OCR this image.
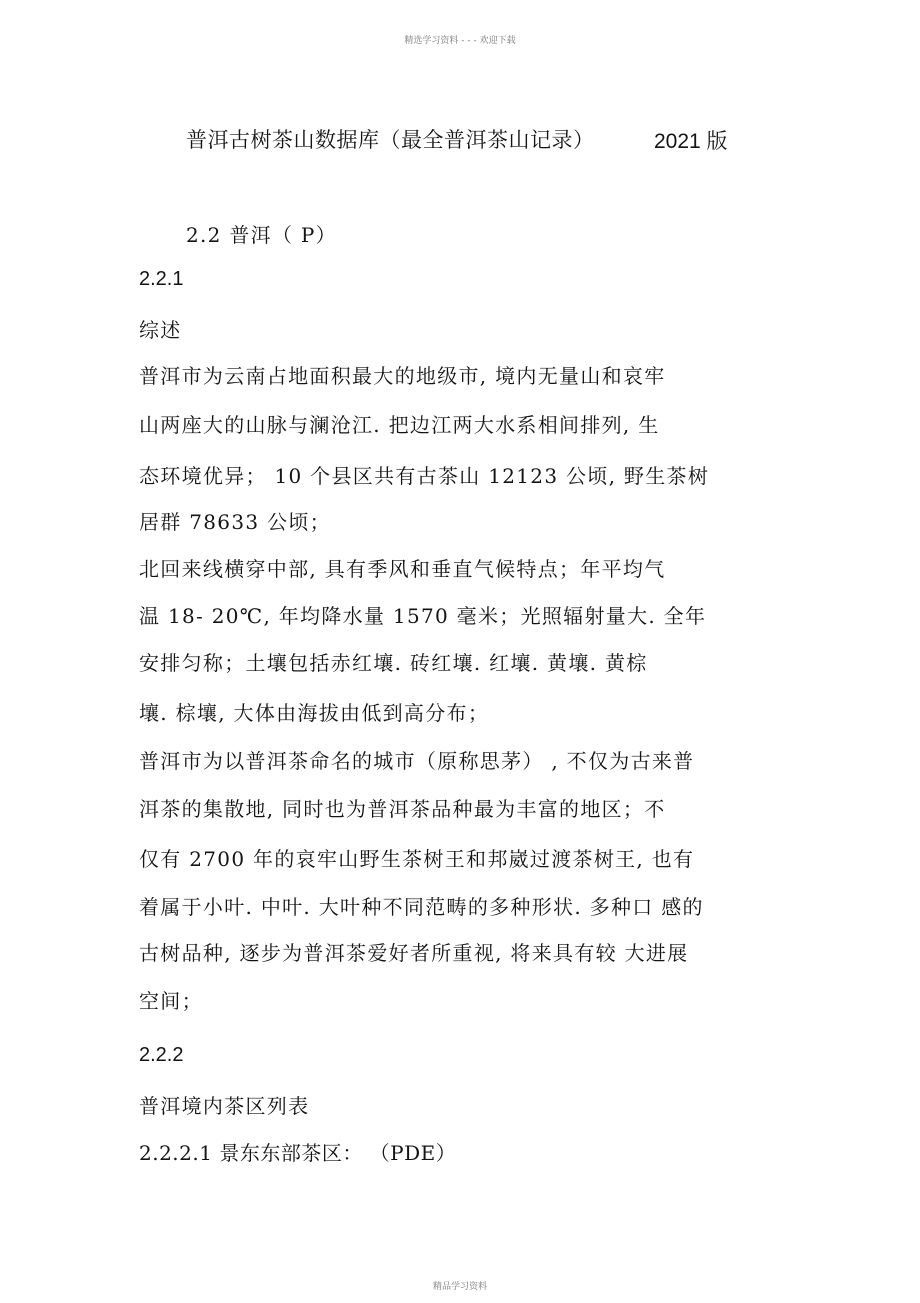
精选学习资料 - - - 欢迎下载
普洱古树茶山数据库（最全普洱茶山记录）	2021 版
2.2 普洱（ P）
2.2.1
综述
普洱市为云南占地面积最大的地级市, 境内无量山和哀牢
山两座大的山脉与澜沧江. 把边江两大水系相间排列, 生
态环境优异； 10 个县区共有古茶山 12123 公顷, 野生茶树
居群 78633 公顷；
北回来线横穿中部, 具有季风和垂直气候特点；年平均气
温 18- 20℃, 年均降水量 1570 毫米；光照辐射量大. 全年
安排匀称；土壤包括赤红壤. 砖红壤. 红壤. 黄壤. 黄棕
壤. 棕壤, 大体由海拔由低到高分布；
普洱市为以普洱茶命名的城市（原称思茅） , 不仅为古来普
洱茶的集散地, 同时也为普洱茶品种最为丰富的地区；不
仅有 2700 年的哀牢山野生茶树王和邦崴过渡茶树王, 也有
着属于小叶. 中叶. 大叶种不同范畴的多种形状. 多种口 感的
古树品种, 逐步为普洱茶爱好者所重视, 将来具有较 大进展
空间；
2.2.2
普洱境内茶区列表
2.2.2.1 景东东部茶区： （PDE）
精品学习资料
